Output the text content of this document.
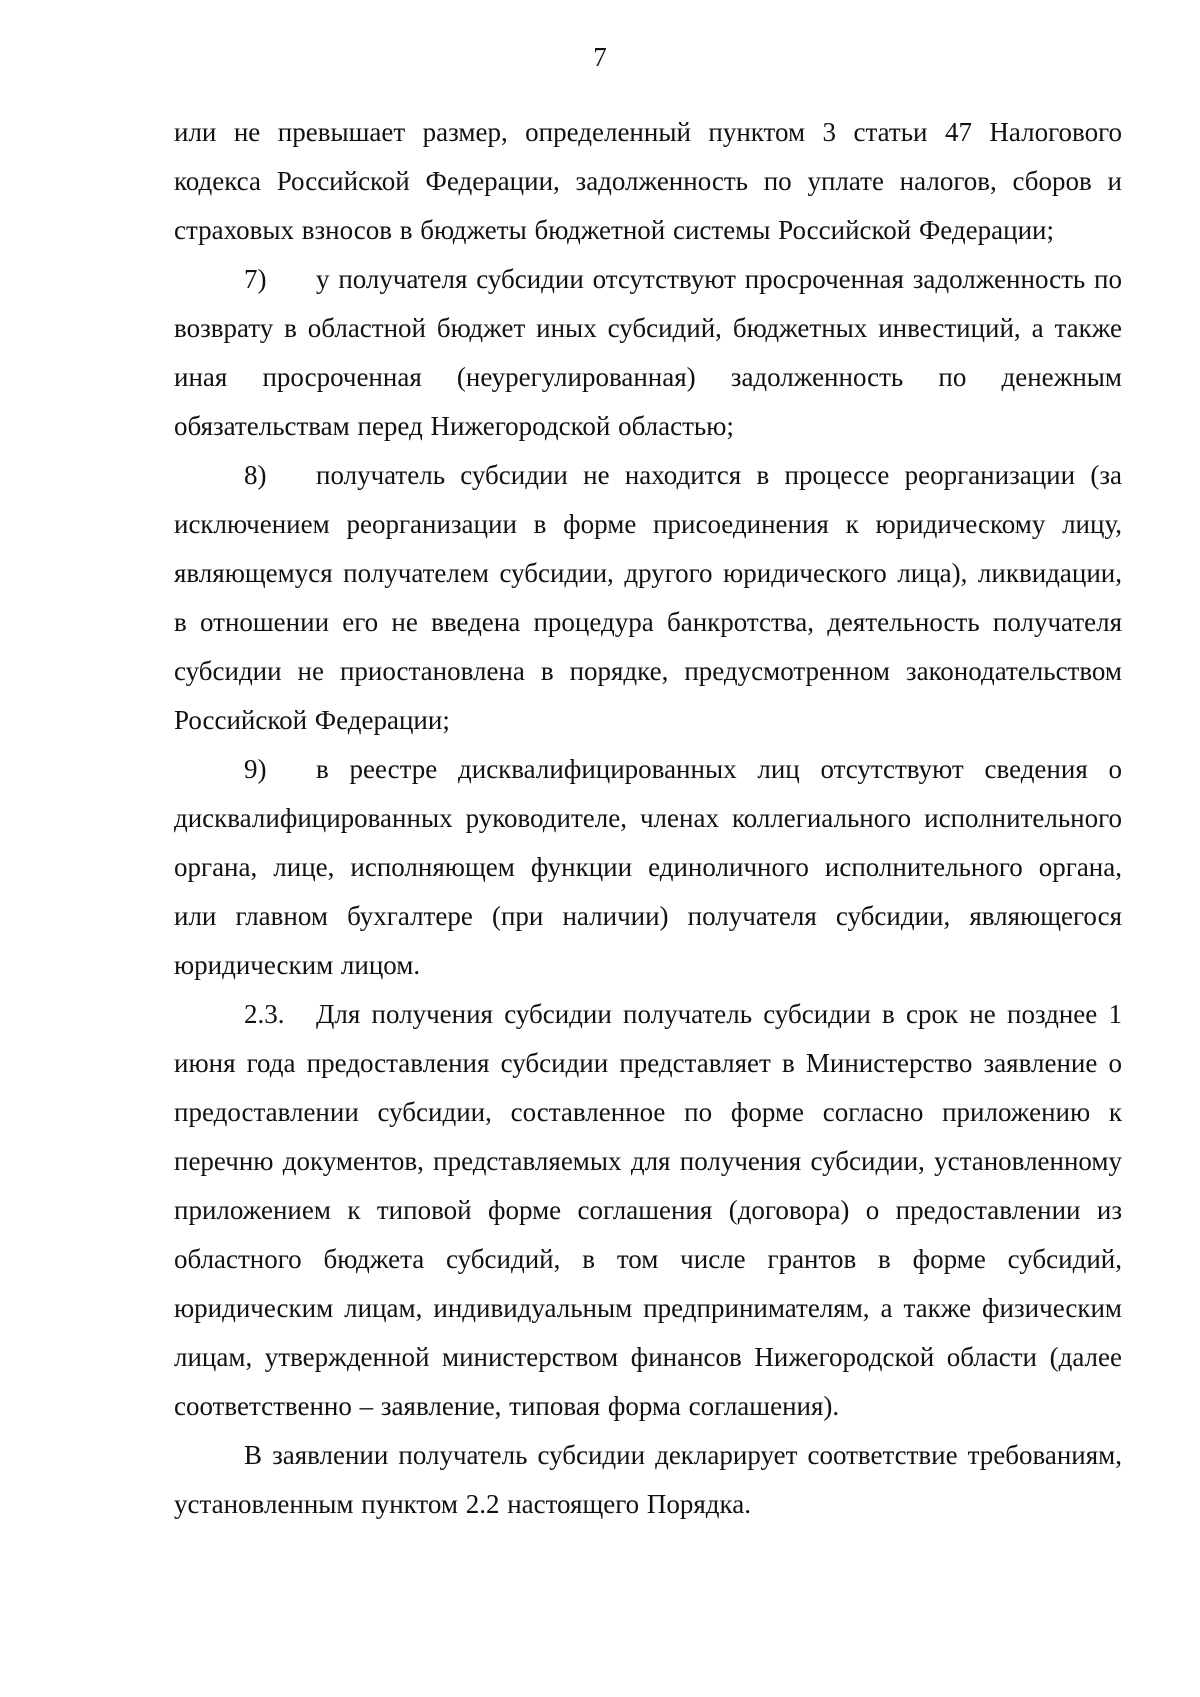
7

или не превышает размер, определенный пунктом 3 статьи 47 Налогового кодекса Российской Федерации, задолженность по уплате налогов, сборов и страховых взносов в бюджеты бюджетной системы Российской Федерации;

7) у получателя субсидии отсутствуют просроченная задолженность по возврату в областной бюджет иных субсидий, бюджетных инвестиций, а также иная просроченная (неурегулированная) задолженность по денежным обязательствам перед Нижегородской областью;

8) получатель субсидии не находится в процессе реорганизации (за исключением реорганизации в форме присоединения к юридическому лицу, являющемуся получателем субсидии, другого юридического лица), ликвидации, в отношении его не введена процедура банкротства, деятельность получателя субсидии не приостановлена в порядке, предусмотренном законодательством Российской Федерации;

9) в реестре дисквалифицированных лиц отсутствуют сведения о дисквалифицированных руководителе, членах коллегиального исполнительного органа, лице, исполняющем функции единоличного исполнительного органа, или главном бухгалтере (при наличии) получателя субсидии, являющегося юридическим лицом.

2.3. Для получения субсидии получатель субсидии в срок не позднее 1 июня года предоставления субсидии представляет в Министерство заявление о предоставлении субсидии, составленное по форме согласно приложению к перечню документов, представляемых для получения субсидии, установленному приложением к типовой форме соглашения (договора) о предоставлении из областного бюджета субсидий, в том числе грантов в форме субсидий, юридическим лицам, индивидуальным предпринимателям, а также физическим лицам, утвержденной министерством финансов Нижегородской области (далее соответственно – заявление, типовая форма соглашения).

В заявлении получатель субсидии декларирует соответствие требованиям, установленным пунктом 2.2 настоящего Порядка.
